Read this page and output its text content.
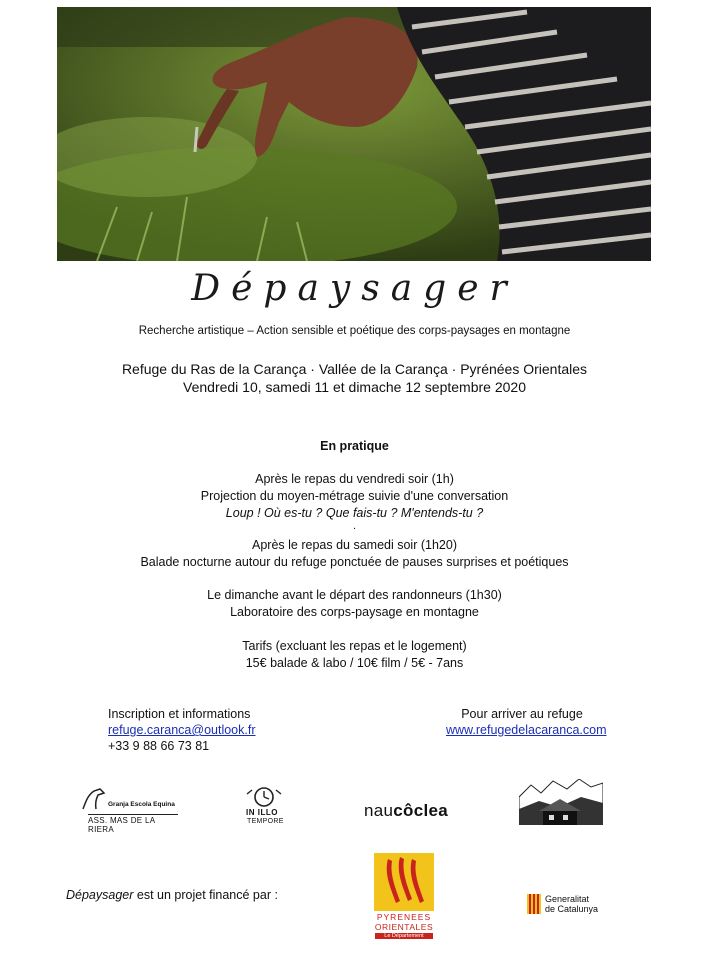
Dépaysager
Recherche artistique – Action sensible et poétique des corps-paysages en montagne
Refuge du Ras de la Carança · Vallée de la Carança · Pyrénées Orientales
Vendredi 10, samedi 11 et dimache 12 septembre 2020
En pratique
Après le repas du vendredi soir (1h)
Projection du moyen-métrage suivie d'une conversation
Loup ! Où es-tu ? Que fais-tu ? M'entends-tu ?
.
Après le repas du samedi soir (1h20)
Balade nocturne autour du refuge ponctuée de pauses surprises et poétiques
Le dimanche avant le départ des randonneurs (1h30)
Laboratoire des corps-paysage en montagne
Tarifs (excluant les repas et le logement)
15€ balade & labo / 10€ film / 5€ - 7ans
Inscription et informations
refuge.caranca@outlook.fr
+33 9 88 66 73 81
Pour arriver au refuge
www.refugedelacaranca.com
Granja Escola Equina
ASS. MAS DE LA RIERA
IN ILLO
TEMPORE
naucôclea
Dépaysager est un projet financé par :
PYRENEES
ORIENTALES
Le Département
Generalitat
de Catalunya
